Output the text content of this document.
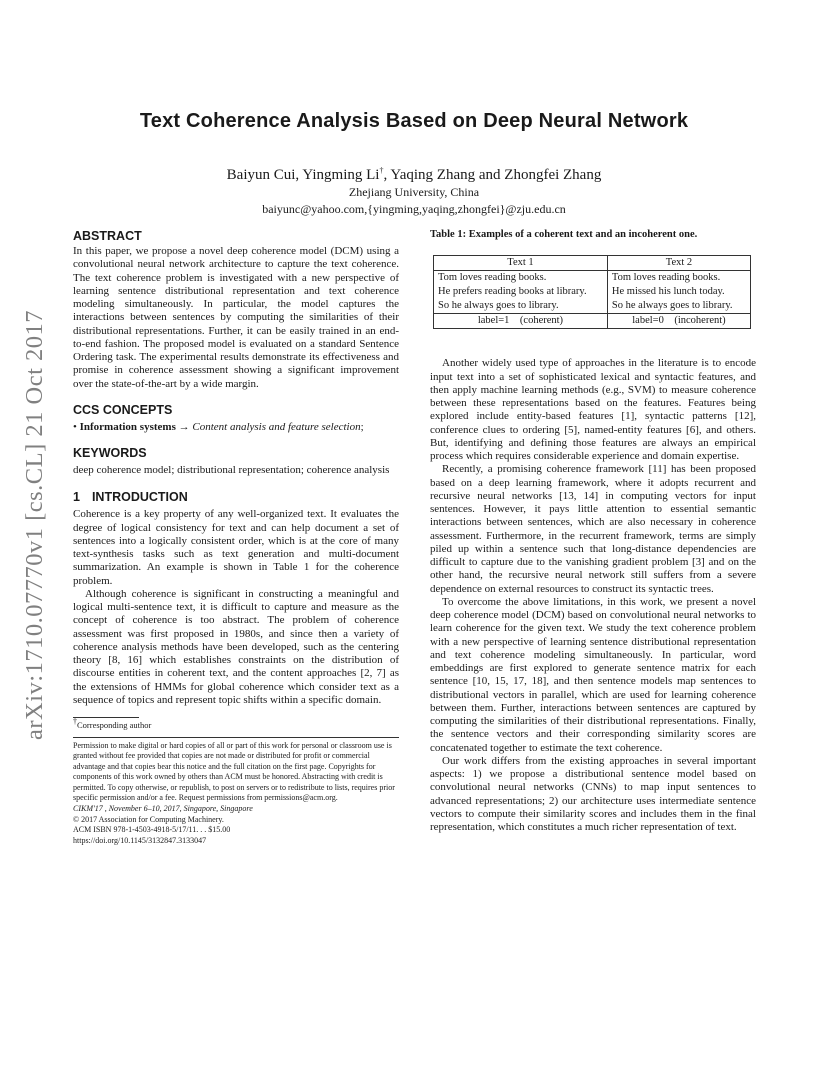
arXiv:1710.07770v1 [cs.CL] 21 Oct 2017
Text Coherence Analysis Based on Deep Neural Network
Baiyun Cui, Yingming Li†, Yaqing Zhang and Zhongfei Zhang
Zhejiang University, China
baiyunc@yahoo.com,{yingming,yaqing,zhongfei}@zju.edu.cn
ABSTRACT

In this paper, we propose a novel deep coherence model (DCM) using a convolutional neural network architecture to capture the text coherence. The text coherence problem is investigated with a new perspective of learning sentence distributional representation and text coherence modeling simultaneously. In particular, the model captures the interactions between sentences by computing the similarities of their distributional representations. Further, it can be easily trained in an end-to-end fashion. The proposed model is evaluated on a standard Sentence Ordering task. The experimental results demonstrate its effectiveness and promise in coherence assessment showing a significant improvement over the state-of-the-art by a wide margin.

CCS CONCEPTS

• Information systems → Content analysis and feature selection;

KEYWORDS

deep coherence model; distributional representation; coherence analysis

1 INTRODUCTION

Coherence is a key property of any well-organized text. It evaluates the degree of logical consistency for text and can help document a set of sentences into a logically consistent order, which is at the core of many text-synthesis tasks such as text generation and multi-document summarization. An example is shown in Table 1 for the coherence problem.

Although coherence is significant in constructing a meaningful and logical multi-sentence text, it is difficult to capture and measure as the concept of coherence is too abstract. The problem of coherence assessment was first proposed in 1980s, and since then a variety of coherence analysis methods have been developed, such as the centering theory [8, 16] which establishes constraints on the distribution of discourse entities in coherent text, and the content approaches [2, 7] as the extensions of HMMs for global coherence which consider text as a sequence of topics and represent topic shifts within a specific domain.

†Corresponding author
Permission to make digital or hard copies of all or part of this work for personal or classroom use is granted without fee provided that copies are not made or distributed for profit or commercial advantage and that copies bear this notice and the full citation on the first page. Copyrights for components of this work owned by others than ACM must be honored. Abstracting with credit is permitted. To copy otherwise, or republish, to post on servers or to redistribute to lists, requires prior specific permission and/or a fee. Request permissions from permissions@acm.org.
CIKM'17 , November 6–10, 2017, Singapore, Singapore
© 2017 Association for Computing Machinery.
ACM ISBN 978-1-4503-4918-5/17/11. . . $15.00
https://doi.org/10.1145/3132847.3133047
Table 1: Examples of a coherent text and an incoherent one.
Text 1	Text 2
Tom loves reading books.	Tom loves reading books.
He prefers reading books at library.	He missed his lunch today.
So he always goes to library.	So he always goes to library.
label=1    (coherent)	label=0    (incoherent)

Another widely used type of approaches in the literature is to encode input text into a set of sophisticated lexical and syntactic features, and then apply machine learning methods (e.g., SVM) to measure coherence between these representations based on the features. Features being explored include entity-based features [1], syntactic patterns [12], conference clues to ordering [5], named-entity features [6], and others. But, identifying and defining those features are always an empirical process which requires considerable experience and domain expertise.

Recently, a promising coherence framework [11] has been proposed based on a deep learning framework, where it adopts recurrent and recursive neural networks [13, 14] in computing vectors for input sentences. However, it pays little attention to essential semantic interactions between sentences, which are also necessary in coherence assessment. Furthermore, in the recurrent framework, terms are simply piled up within a sentence such that long-distance dependencies are difficult to capture due to the vanishing gradient problem [3] and on the other hand, the recursive neural network still suffers from a severe dependence on external resources to construct its syntactic trees.

To overcome the above limitations, in this work, we present a novel deep coherence model (DCM) based on convolutional neural networks to learn coherence for the given text. We study the text coherence problem with a new perspective of learning sentence distributional representation and text coherence modeling simultaneously. In particular, word embeddings are first explored to generate sentence matrix for each sentence [10, 15, 17, 18], and then sentence models map sentences to distributional vectors in parallel, which are used for learning coherence between them. Further, interactions between sentences are captured by computing the similarities of their distributional representations. Finally, the sentence vectors and their corresponding similarity scores are concatenated together to estimate the text coherence.

Our work differs from the existing approaches in several important aspects: 1) we propose a distributional sentence model based on convolutional neural networks (CNNs) to map input sentences to advanced representations; 2) our architecture uses intermediate sentence vectors to compute their similarity scores and includes them in the final representation, which constitutes a much richer representation of text.
